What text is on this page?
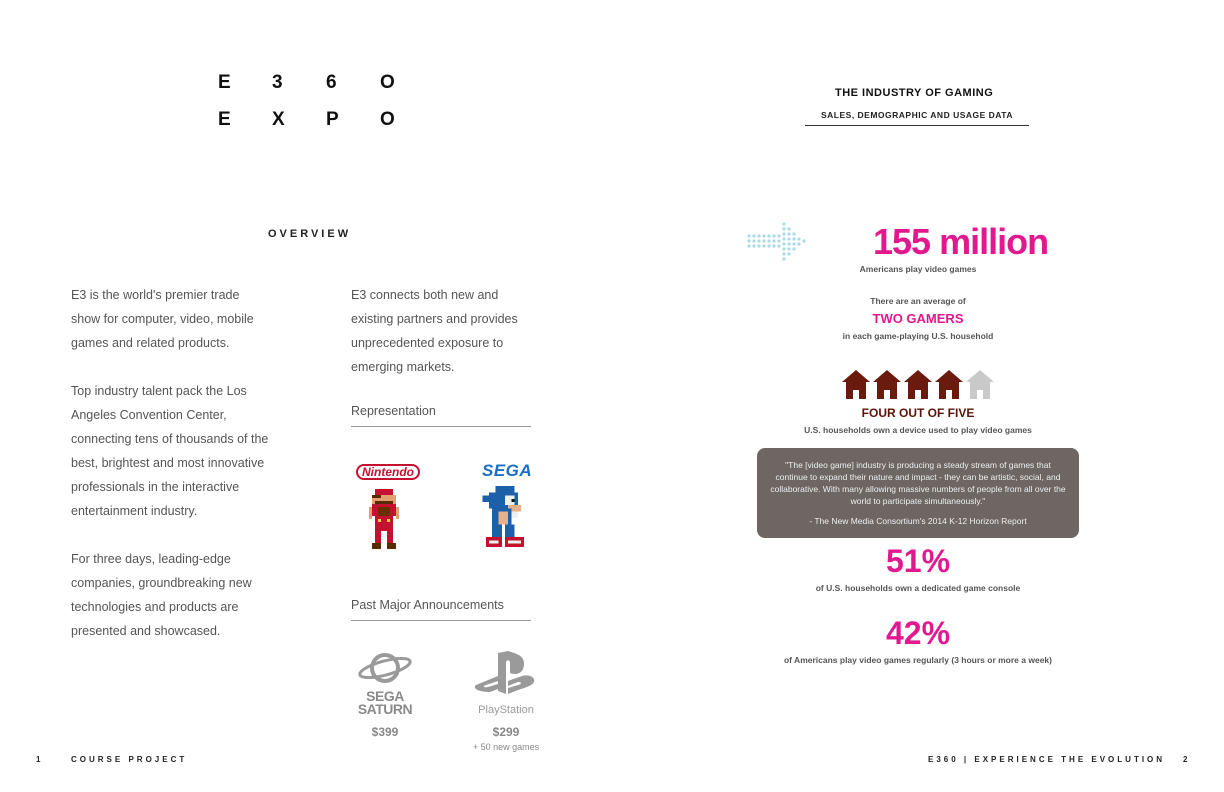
E	3	6	O
E	X	P	O
OVERVIEW

E3 is the world's premier trade show for computer, video, mobile games and related products.

Top industry talent pack the Los Angeles Convention Center, connecting tens of thousands of the best, brightest and most innovative professionals in the interactive entertainment industry.

For three days, leading-edge companies, groundbreaking new technologies and products are presented and showcased.

E3 connects both new and existing partners and provides unprecedented exposure to emerging markets.
Representation
Nintendo	SEGA
Past Major Announcements
SEGA
SATURN
$399
PlayStation
$299
+ 50 new games
1	COURSE PROJECT
THE INDUSTRY OF GAMING
SALES, DEMOGRAPHIC AND USAGE DATA
155 million
Americans play video games
There are an average of
TWO GAMERS
in each game-playing U.S. household
FOUR OUT OF FIVE
U.S. households own a device used to play video games

"The [video game] industry is producing a steady stream of games that continue to expand their nature and impact - they can be artistic, social, and collaborative. With many allowing massive numbers of people from all over the world to participate simultaneously."

- The New Media Consortium's 2014 K-12 Horizon Report

51%
of U.S. households own a dedicated game console
42%
of Americans play video games regularly (3 hours or more a week)
E360 | EXPERIENCE THE EVOLUTION 2
